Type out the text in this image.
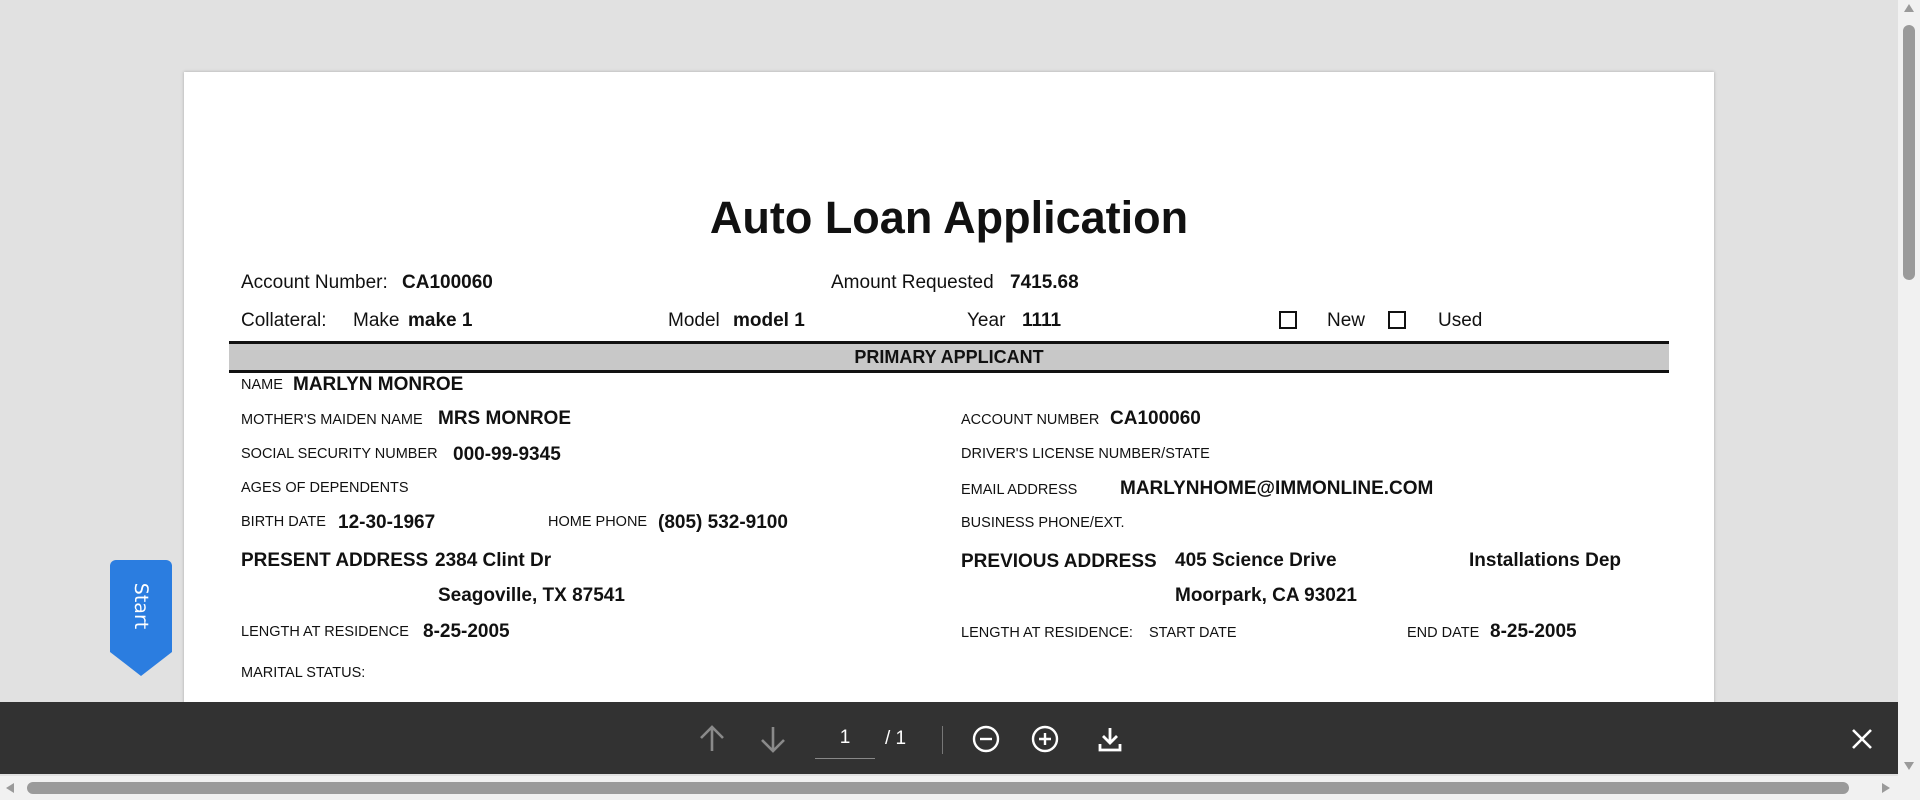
Auto Loan Application
Account Number: CA100060	Amount Requested 7415.68
Collateral: Make make 1	Model model 1	Year 1111	New	Used
PRIMARY APPLICANT
NAME MARLYN MONROE
MOTHER'S MAIDEN NAME MRS MONROE	ACCOUNT NUMBER CA100060
SOCIAL SECURITY NUMBER 000-99-9345	DRIVER'S LICENSE NUMBER/STATE
AGES OF DEPENDENTS	EMAIL ADDRESS MARLYNHOME@IMMONLINE.COM
BIRTH DATE 12-30-1967	HOME PHONE (805) 532-9100	BUSINESS PHONE/EXT.
PRESENT ADDRESS 2384 Clint Dr
Seagoville, TX 87541
PREVIOUS ADDRESS 405 Science Drive	Installations Dep
Moorpark, CA 93021
LENGTH AT RESIDENCE 8-25-2005	LENGTH AT RESIDENCE: START DATE	END DATE 8-25-2005
MARITAL STATUS:
Start
1
/ 1
